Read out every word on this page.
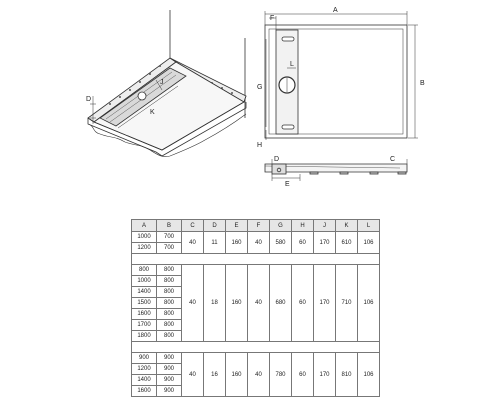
D
J
K
A
F
B
G
H
L
D	C
E
A	B	C	D	E	F	G	H	J	K	L
1000	700	40	11	160	40	580	60	170	610	106
1200	700									

800	800	40	18	160	40	680	60	170	710	106
1000	800									
1400	800									
1500	800									
1600	800									
1700	800									
1800	800									

900	900	40	16	160	40	780	60	170	810	106
1200	900									
1400	900									
1600	900									
